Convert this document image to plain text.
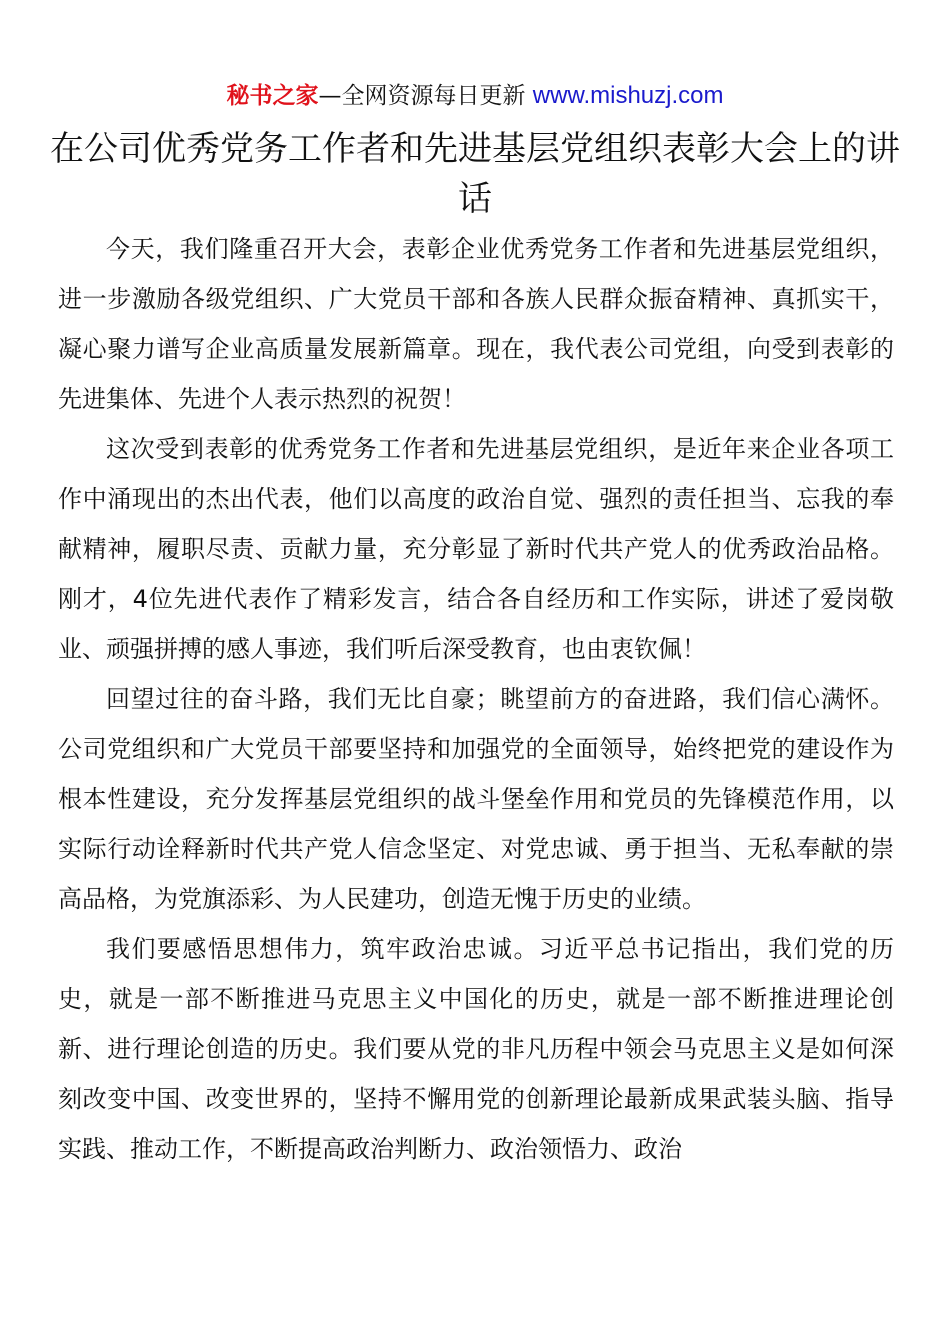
秘书之家—全网资源每日更新 www.mishuzj.com
在公司优秀党务工作者和先进基层党组织表彰大会上的讲话

今天，我们隆重召开大会，表彰企业优秀党务工作者和先进基层党组织，进一步激励各级党组织、广大党员干部和各族人民群众振奋精神、真抓实干，凝心聚力谱写企业高质量发展新篇章。现在，我代表公司党组，向受到表彰的先进集体、先进个人表示热烈的祝贺！

这次受到表彰的优秀党务工作者和先进基层党组织，是近年来企业各项工作中涌现出的杰出代表，他们以高度的政治自觉、强烈的责任担当、忘我的奉献精神，履职尽责、贡献力量，充分彰显了新时代共产党人的优秀政治品格。刚才，4位先进代表作了精彩发言，结合各自经历和工作实际，讲述了爱岗敬业、顽强拼搏的感人事迹，我们听后深受教育，也由衷钦佩！

回望过往的奋斗路，我们无比自豪；眺望前方的奋进路，我们信心满怀。公司党组织和广大党员干部要坚持和加强党的全面领导，始终把党的建设作为根本性建设，充分发挥基层党组织的战斗堡垒作用和党员的先锋模范作用，以实际行动诠释新时代共产党人信念坚定、对党忠诚、勇于担当、无私奉献的崇高品格，为党旗添彩、为人民建功，创造无愧于历史的业绩。

我们要感悟思想伟力，筑牢政治忠诚。习近平总书记指出，我们党的历史，就是一部不断推进马克思主义中国化的历史，就是一部不断推进理论创新、进行理论创造的历史。我们要从党的非凡历程中领会马克思主义是如何深刻改变中国、改变世界的，坚持不懈用党的创新理论最新成果武装头脑、指导实践、推动工作，不断提高政治判断力、政治领悟力、政治
